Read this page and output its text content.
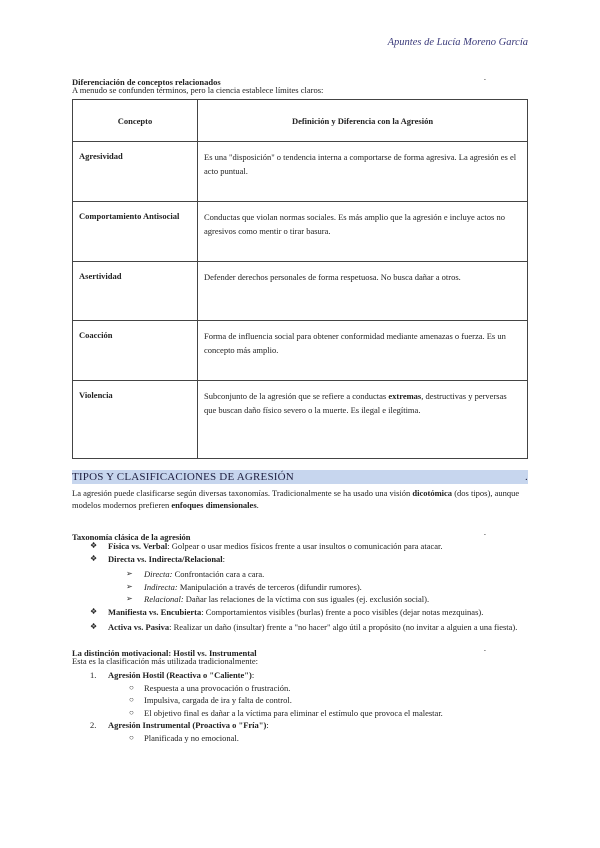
Apuntes de Lucía Moreno García
Diferenciación de conceptos relacionados	.
A menudo se confunden términos, pero la ciencia establece límites claros:
Concepto	Definición y Diferencia con la Agresión
Agresividad	Es una "disposición" o tendencia interna a comportarse de forma agresiva. La agresión es el acto puntual.
Comportamiento Antisocial	Conductas que violan normas sociales. Es más amplio que la agresión e incluye actos no agresivos como mentir o tirar basura.
Asertividad	Defender derechos personales de forma respetuosa. No busca dañar a otros.
Coacción	Forma de influencia social para obtener conformidad mediante amenazas o fuerza. Es un concepto más amplio.
Violencia	Subconjunto de la agresión que se refiere a conductas extremas, destructivas y perversas que buscan daño físico severo o la muerte. Es ilegal e ilegítima.
TIPOS Y CLASIFICACIONES DE AGRESIÓN	.
La agresión puede clasificarse según diversas taxonomías. Tradicionalmente se ha usado una visión dicotómica (dos tipos), aunque modelos modernos prefieren enfoques dimensionales.
Taxonomía clásica de la agresión	.
❖ Física vs. Verbal: Golpear o usar medios físicos frente a usar insultos o comunicación para atacar.
❖ Directa vs. Indirecta/Relacional:
➢ Directa: Confrontación cara a cara.
➢ Indirecta: Manipulación a través de terceros (difundir rumores).
➢ Relacional: Dañar las relaciones de la víctima con sus iguales (ej. exclusión social).
❖ Manifiesta vs. Encubierta: Comportamientos visibles (burlas) frente a poco visibles (dejar notas mezquinas).
❖ Activa vs. Pasiva: Realizar un daño (insultar) frente a "no hacer" algo útil a propósito (no invitar a alguien a una fiesta).
La distinción motivacional: Hostil vs. Instrumental	.
Esta es la clasificación más utilizada tradicionalmente:
1. Agresión Hostil (Reactiva o "Caliente"):
○ Respuesta a una provocación o frustración.
○ Impulsiva, cargada de ira y falta de control.
○ El objetivo final es dañar a la víctima para eliminar el estímulo que provoca el malestar.
2. Agresión Instrumental (Proactiva o "Fría"):
○ Planificada y no emocional.
